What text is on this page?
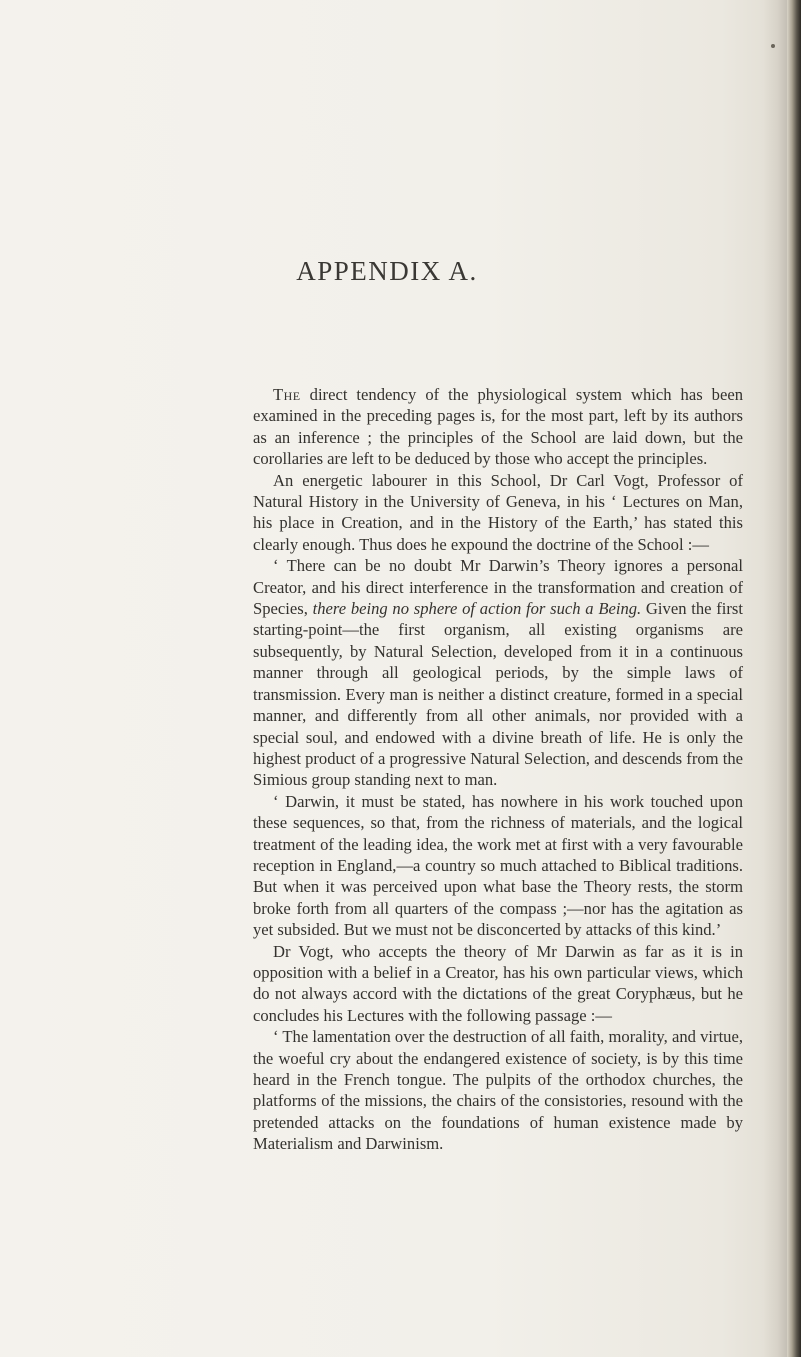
APPENDIX A.

The direct tendency of the physiological system which has been examined in the preceding pages is, for the most part, left by its authors as an inference ; the principles of the School are laid down, but the corollaries are left to be deduced by those who accept the principles.

An energetic labourer in this School, Dr Carl Vogt, Professor of Natural History in the University of Geneva, in his ‘ Lectures on Man, his place in Creation, and in the History of the Earth,’ has stated this clearly enough. Thus does he expound the doctrine of the School :—

‘ There can be no doubt Mr Darwin’s Theory ignores a personal Creator, and his direct interference in the transformation and creation of Species, there being no sphere of action for such a Being. Given the first starting-point—the first organism, all existing organisms are subsequently, by Natural Selection, developed from it in a continuous manner through all geological periods, by the simple laws of transmission. Every man is neither a distinct creature, formed in a special manner, and differently from all other animals, nor provided with a special soul, and endowed with a divine breath of life. He is only the highest product of a progressive Natural Selection, and descends from the Simious group standing next to man.

‘ Darwin, it must be stated, has nowhere in his work touched upon these sequences, so that, from the richness of materials, and the logical treatment of the leading idea, the work met at first with a very favourable reception in England,—a country so much attached to Biblical traditions. But when it was perceived upon what base the Theory rests, the storm broke forth from all quarters of the compass ;—nor has the agitation as yet subsided. But we must not be disconcerted by attacks of this kind.’

Dr Vogt, who accepts the theory of Mr Darwin as far as it is in opposition with a belief in a Creator, has his own particular views, which do not always accord with the dictations of the great Coryphæus, but he concludes his Lectures with the following passage :—

‘ The lamentation over the destruction of all faith, morality, and virtue, the woeful cry about the endangered existence of society, is by this time heard in the French tongue. The pulpits of the orthodox churches, the platforms of the missions, the chairs of the consistories, resound with the pretended attacks on the foundations of human existence made by Materialism and Darwinism.
